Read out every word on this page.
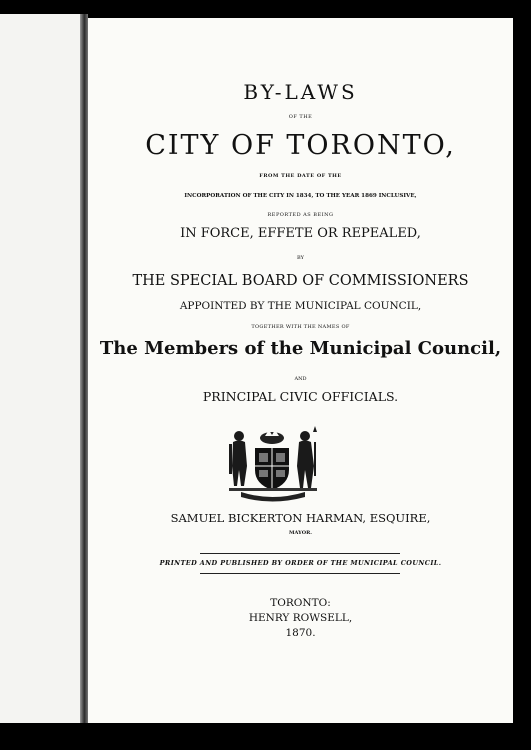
BY-LAWS

OF THE

CITY OF TORONTO,

FROM THE DATE OF THE

INCORPORATION OF THE CITY IN 1834, TO THE YEAR 1869 INCLUSIVE,

REPORTED AS BEING

IN FORCE, EFFETE OR REPEALED,

BY

THE SPECIAL BOARD OF COMMISSIONERS

APPOINTED BY THE MUNICIPAL COUNCIL,

TOGETHER WITH THE NAMES OF

The Members of the Municipal Council,

AND

PRINCIPAL CIVIC OFFICIALS.

SAMUEL BICKERTON HARMAN, ESQUIRE,

MAYOR.

PRINTED AND PUBLISHED BY ORDER OF THE MUNICIPAL COUNCIL.

TORONTO:

HENRY ROWSELL,

1870.
